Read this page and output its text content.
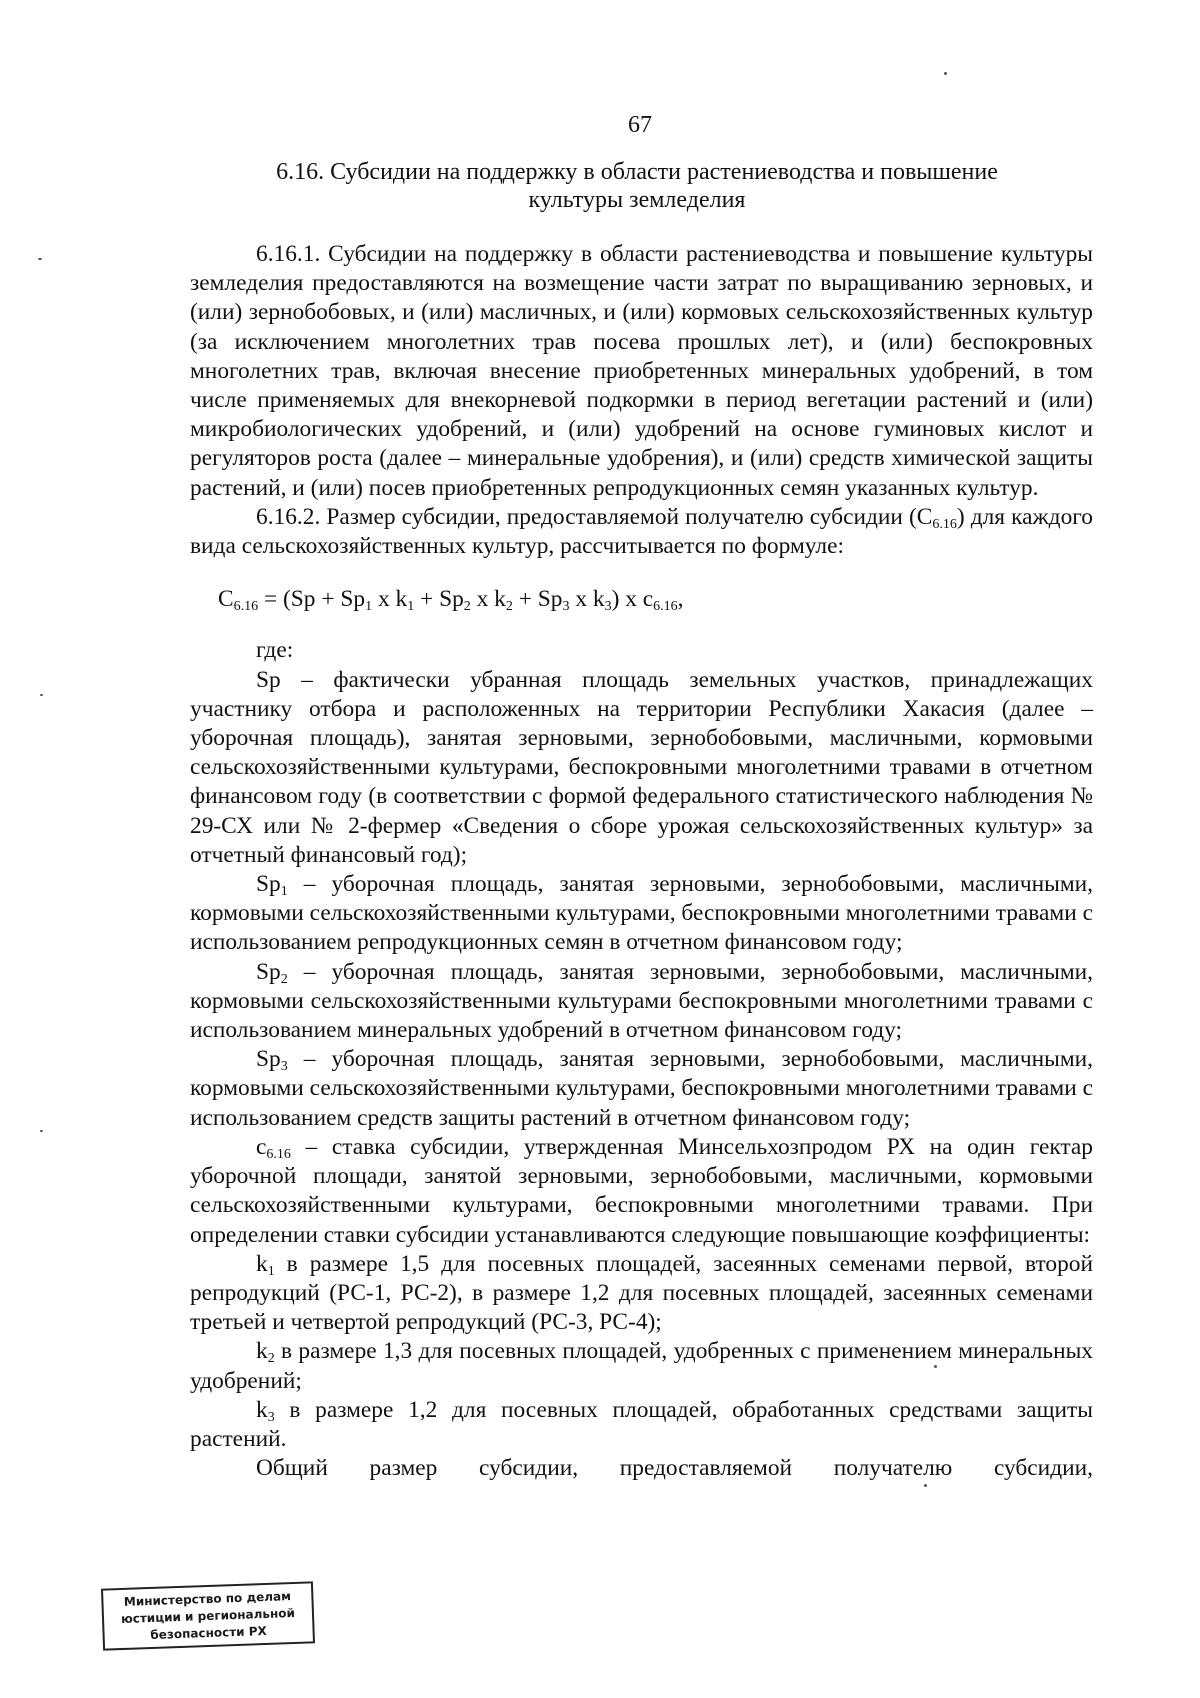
67
6.16. Субсидии на поддержку в области растениеводства и повышение
культуры земледелия

6.16.1. Субсидии на поддержку в области растениеводства и повышение культуры земледелия предоставляются на возмещение части затрат по выращиванию зерновых, и (или) зернобобовых, и (или) масличных, и (или) кормовых сельскохозяйственных культур (за исключением многолетних трав посева прошлых лет), и (или) беспокровных многолетних трав, включая внесение приобретенных минеральных удобрений, в том числе применяемых для внекорневой подкормки в период вегетации растений и (или) микробиологических удобрений, и (или) удобрений на основе гуминовых кислот и регуляторов роста (далее – минеральные удобрения), и (или) средств химической защиты растений, и (или) посев приобретенных репродукционных семян указанных культур.

6.16.2. Размер субсидии, предоставляемой получателю субсидии $(С_{6.16})$ для каждого вида сельскохозяйственных культур, рассчитывается по формуле:

$С_{6.16} = (Sp + Sp_1$ x $k_1 + Sp_2$ x $k_2 + Sp_3$ x $k_3$) x $с_{6.16}$,

где:

Sp – фактически убранная площадь земельных участков, принадлежащих участнику отбора и расположенных на территории Республики Хакасия (далее – уборочная площадь), занятая зерновыми, зернобобовыми, масличными, кормовыми сельскохозяйственными культурами, беспокровными многолетними травами в отчетном финансовом году (в соответствии с формой федерального статистического наблюдения № 29-СХ или № 2-фермер «Сведения о сборе урожая сельскохозяйственных культур» за отчетный финансовый год);

$Sp_1$ – уборочная площадь, занятая зерновыми, зернобобовыми, масличными, кормовыми сельскохозяйственными культурами, беспокровными многолетними травами с использованием репродукционных семян в отчетном финансовом году;

$Sp_2$ – уборочная площадь, занятая зерновыми, зернобобовыми, масличными, кормовыми сельскохозяйственными культурами беспокровными многолетними травами с использованием минеральных удобрений в отчетном финансовом году;

$Sp_3$ – уборочная площадь, занятая зерновыми, зернобобовыми, масличными, кормовыми сельскохозяйственными культурами, беспокровными многолетними травами с использованием средств защиты растений в отчетном финансовом году;

$с_{6.16}$ – ставка субсидии, утвержденная Минсельхозпродом РХ на один гектар уборочной площади, занятой зерновыми, зернобобовыми, масличными, кормовыми сельскохозяйственными культурами, беспокровными многолетними травами. При определении ставки субсидии устанавливаются следующие повышающие коэффициенты:

$k_1$ в размере 1,5 для посевных площадей, засеянных семенами первой, второй репродукций (РС-1, РС-2), в размере 1,2 для посевных площадей, засеянных семенами третьей и четвертой репродукций (РС-3, РС-4);

$k_2$ в размере 1,3 для посевных площадей, удобренных с применением минеральных удобрений;

$k_3$ в размере 1,2 для посевных площадей, обработанных средствами защиты растений.

Общий размер субсидии, предоставляемой получателю субсидии,

Министерство по делам
юстиции и региональной
безопасности РХ
